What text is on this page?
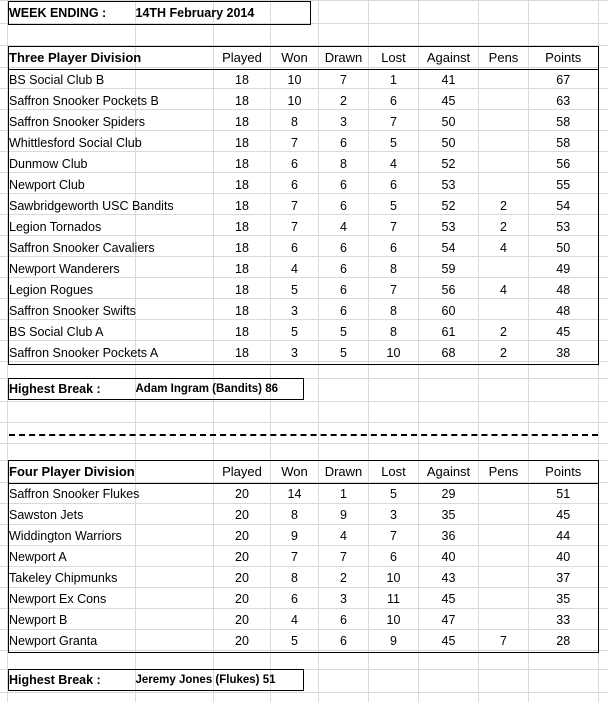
WEEK ENDING :	14TH February 2014
Three Player Division		Played	Won	Drawn	Lost	Against	Pens	Points
BS Social Club B		18	10	7	1	41		67
Saffron Snooker Pockets B		18	10	2	6	45		63
Saffron Snooker Spiders		18	8	3	7	50		58
Whittlesford Social Club		18	7	6	5	50		58
Dunmow Club		18	6	8	4	52		56
Newport Club		18	6	6	6	53		55
Sawbridgeworth USC Bandits		18	7	6	5	52	2	54
Legion Tornados		18	7	4	7	53	2	53
Saffron Snooker Cavaliers		18	6	6	6	54	4	50
Newport Wanderers		18	4	6	8	59		49
Legion Rogues		18	5	6	7	56	4	48
Saffron Snooker Swifts		18	3	6	8	60		48
BS Social Club A		18	5	5	8	61	2	45
Saffron Snooker Pockets A		18	3	5	10	68	2	38
Highest Break :	Adam Ingram (Bandits) 86
Four Player Division		Played	Won	Drawn	Lost	Against	Pens	Points
Saffron Snooker Flukes		20	14	1	5	29		51
Sawston Jets		20	8	9	3	35		45
Widdington Warriors		20	9	4	7	36		44
Newport A		20	7	7	6	40		40
Takeley Chipmunks		20	8	2	10	43		37
Newport Ex Cons		20	6	3	11	45		35
Newport B		20	4	6	10	47		33
Newport Granta		20	5	6	9	45	7	28
Highest Break :	Jeremy Jones (Flukes) 51
